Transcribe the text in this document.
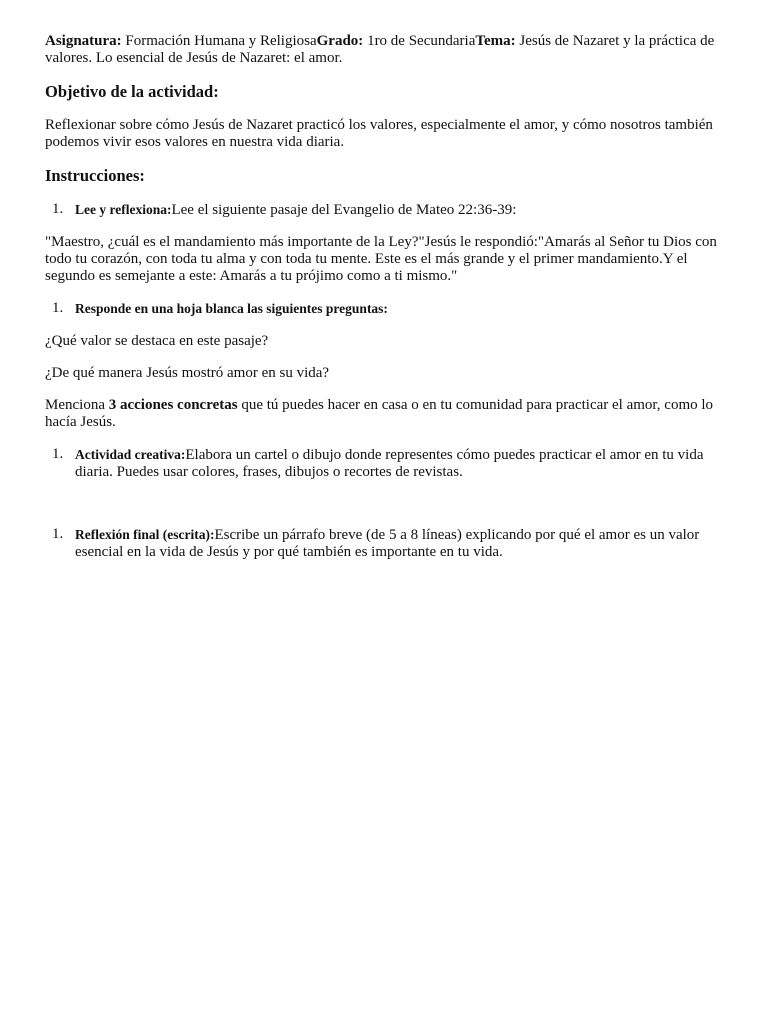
Asignatura: Formación Humana y ReligiosaGrado: 1ro de SecundariaTema: Jesús de Nazaret y la práctica de valores. Lo esencial de Jesús de Nazaret: el amor.

Objetivo de la actividad:

Reflexionar sobre cómo Jesús de Nazaret practicó los valores, especialmente el amor, y cómo nosotros también podemos vivir esos valores en nuestra vida diaria.

Instrucciones:
1. Lee y reflexiona:Lee el siguiente pasaje del Evangelio de Mateo 22:36-39:

"Maestro, ¿cuál es el mandamiento más importante de la Ley?"Jesús le respondió:"Amarás al Señor tu Dios con todo tu corazón, con toda tu alma y con toda tu mente. Este es el más grande y el primer mandamiento.Y el segundo es semejante a este: Amarás a tu prójimo como a ti mismo."

1. Responde en una hoja blanca las siguientes preguntas:

¿Qué valor se destaca en este pasaje?

¿De qué manera Jesús mostró amor en su vida?

Menciona 3 acciones concretas que tú puedes hacer en casa o en tu comunidad para practicar el amor, como lo hacía Jesús.

1. Actividad creativa:Elabora un cartel o dibujo donde representes cómo puedes practicar el amor en tu vida diaria. Puedes usar colores, frases, dibujos o recortes de revistas.
1. Reflexión final (escrita):Escribe un párrafo breve (de 5 a 8 líneas) explicando por qué el amor es un valor esencial en la vida de Jesús y por qué también es importante en tu vida.
